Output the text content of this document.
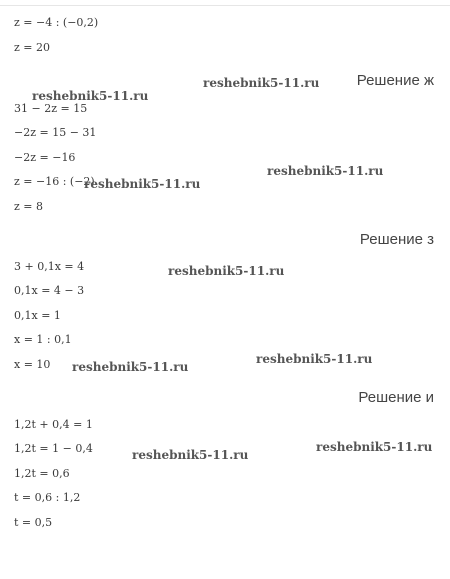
z = −4 : (−0,2)
z = 20
Решение ж
31 − 2z = 15
−2z = 15 − 31
−2z = −16
z = −16 : (−2)
z = 8
Решение з
3 + 0,1x = 4
0,1x = 4 − 3
0,1x = 1
x = 1 : 0,1
x = 10
Решение и
1,2t + 0,4 = 1
1,2t = 1 − 0,4
1,2t = 0,6
t = 0,6 : 1,2
t = 0,5
reshebnik5-11.ru
reshebnik5-11.ru
reshebnik5-11.ru
reshebnik5-11.ru
reshebnik5-11.ru
reshebnik5-11.ru
reshebnik5-11.ru
reshebnik5-11.ru
reshebnik5-11.ru
